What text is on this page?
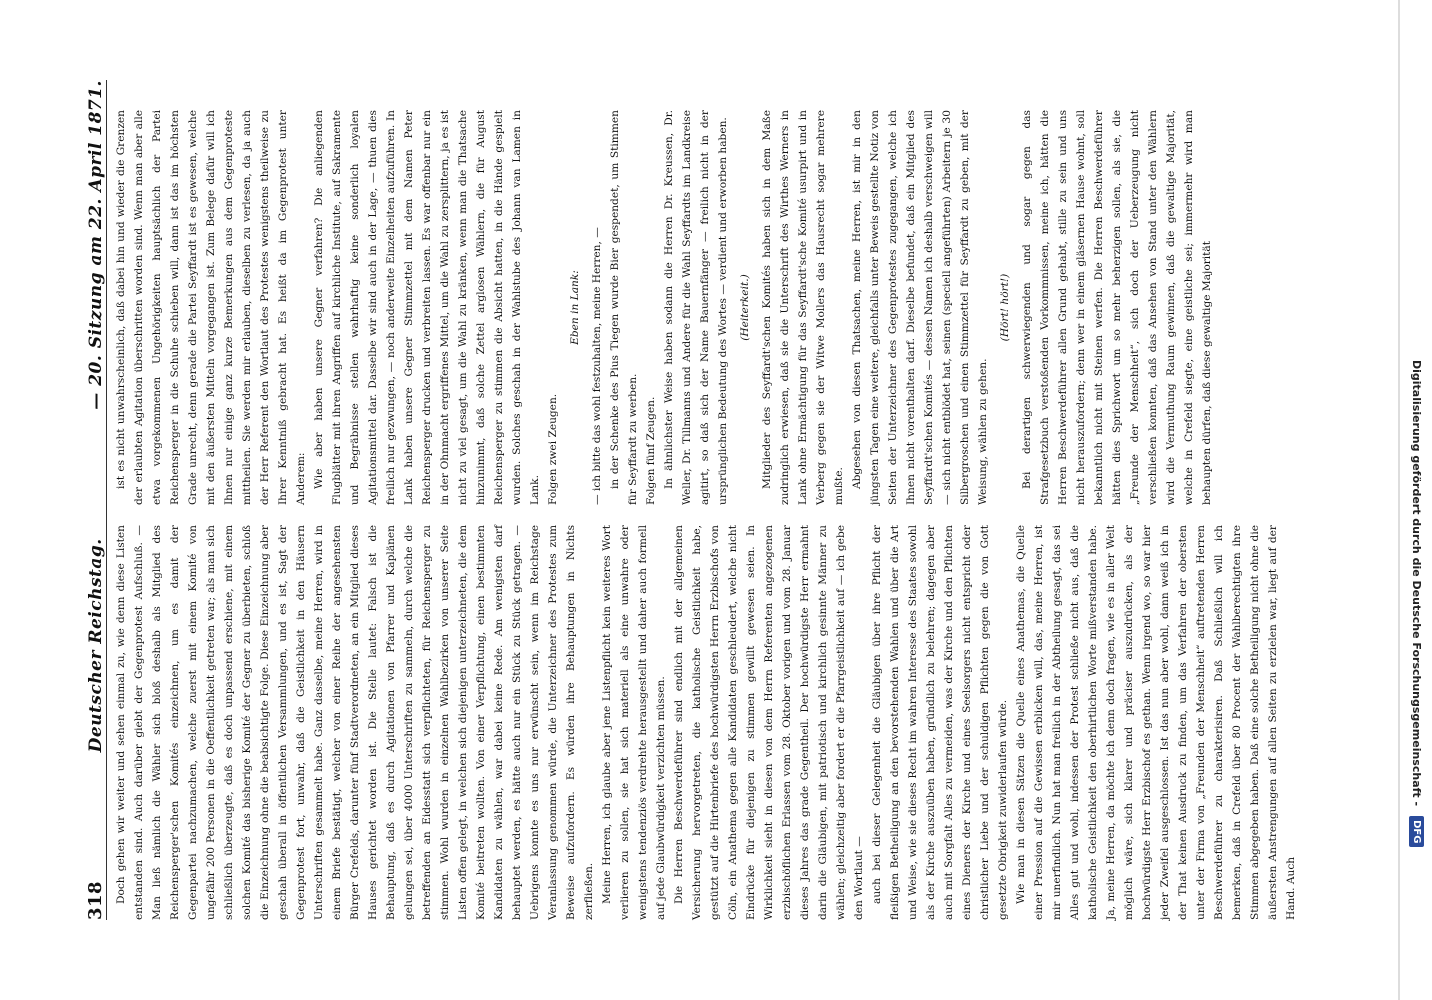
318
Deutscher Reichstag.
— 20. Sitzung am 22. April 1871.

Doch gehen wir weiter und sehen einmal zu, wie denn diese Listen entstanden sind. Auch darüber giebt der Gegenprotest Aufschluß. — Man ließ nämlich die Wähler sich bloß deshalb als Mitglied des Reichensperger'schen Komités einzeichnen, um es damit der Gegenpartei nachzumachen, welche zuerst mit einem Komité von ungefähr 200 Personen in die Oeffentlichkeit getreten war; als man sich schließlich überzeugte, daß es doch unpassend erschiene, mit einem solchen Komité das bisherige Komité der Gegner zu überbieten, schloß die Einzeichnung ohne die beabsichtigte Folge. Diese Einzeichnung aber geschah überall in öffentlichen Versammlungen, und es ist, Sagt der Gegenprotest fort, unwahr, daß die Geistlichkeit in den Häusern Unterschriften gesammelt habe. Ganz dasselbe, meine Herren, wird in einem Briefe bestätigt, welcher von einer Reihe der angesehensten Bürger Crefelds, darunter fünf Stadtverordneten, an ein Mitglied dieses Hauses gerichtet worden ist. Die Stelle lautet: Falsch ist die Behauptung, daß es durch Agitationen von Pfarrer und Kaplänen gelungen sei, über 4000 Unterschriften zu sammeln, durch welche die betreffenden an Eidesstatt sich verpflichteten, für Reichensperger zu stimmen. Wohl wurden in einzelnen Wahlbezirken von unserer Seite Listen offen gelegt, in welchen sich diejenigen unterzeichneten, die dem Komité beitreten wollten. Von einer Verpflichtung, einen bestimmten Kandidaten zu wählen, war dabei keine Rede. Am wenigsten darf behauptet werden, es hätte auch nur ein Stück zu Stück getragen. — Uebrigens konnte es uns nur erwünscht sein, wenn im Reichstage Veranlassung genommen würde, die Unterzeichner des Protestes zum Beweise aufzufordern. Es würden ihre Behauptungen in Nichts zerfließen. Meine Herren, ich glaube aber jene Listenpflicht kein weiteres Wort verlieren zu sollen, sie hat sich materiell als eine unwahre oder wenigstens tendenziös verdrehte herausgestellt und daher auch formell auf jede Glaubwürdigkeit verzichten müssen. Die Herren Beschwerdeführer sind endlich mit der allgemeinen Versicherung hervorgetreten, die katholische Geistlichkeit habe, gestützt auf die Hirtenbriefe des hochwürdigsten Herrn Erzbischofs von Cöln, ein Anathema gegen alle Kandidaten geschleudert, welche nicht Eindrücke für diejenigen zu stimmen gewillt gewesen seien. In Wirklichkeit sieht in diesen von dem Herrn Referenten angezogenen erzbischöflichen Erlassen vom 28. Oktober vorigen und vom 28. Januar dieses Jahres das grade Gegentheil. Der hochwürdigste Herr ermahnt darin die Gläubigen, mit patriotisch und kirchlich gesinnte Männer zu wählen; gleichzeitig aber fordert er die Pfarrgeistlichkeit auf — ich gebe den Wortlaut — auch bei dieser Gelegenheit die Gläubigen über ihre Pflicht der fleißigen Betheiligung an den bevorstehenden Wahlen und über die Art und Weise, wie sie dieses Recht im wahren Interesse des Staates sowohl als der Kirche auszuüben haben, gründlich zu belehren; dagegen aber auch mit Sorgfalt Alles zu vermeiden, was der Kirche und den Pflichten eines Dieners der Kirche und eines Seelsorgers nicht entspricht oder christlicher Liebe und der schuldigen Pflichten gegen die von Gott gesetzte Obrigkeit zuwiderlaufen würde. Wie man in diesen Sätzen die Quelle eines Anathemas, die Quelle einer Pression auf die Gewissen erblicken will, das, meine Herren, ist mir unerfindlich. Nun hat man freilich in der Abtheilung gesagt, das sei Alles gut und wohl, indessen der Protest schließe nicht aus, daß die katholische Geistlichkeit den oberhirtlichen Worte mißverstanden habe. Ja, meine Herren, da möchte ich denn doch fragen, wie es in aller Welt möglich wäre, sich klarer und präciser auszudrücken, als der hochwürdigste Herr Erzbischof es gethan. Wenn irgend wo, so war hier jeder Zweifel ausgeschlossen. Ist das nun aber wohl, dann weiß ich in der That keinen Ausdruck zu finden, um das Verfahren der obersten unter der Firma von „Freunden der Menschheit“ auftretenden Herren Beschwerdeführer zu charakterisiren. Daß Schließlich will ich bemerken, daß in Crefeld über 80 Procent der Wahlberechtigten ihre Stimmen abgegeben haben. Daß eine solche Betheiligung nicht ohne die äußersten Anstrengungen auf allen Seiten zu erzielen war, liegt auf der Hand. Auch

ist es nicht unwahrscheinlich, daß dabei hin und wieder die Grenzen der erlaubten Agitation überschritten worden sind. Wenn man aber alle etwa vorgekommenen Ungehörigkeiten hauptsächlich der Partei Reichensperger in die Schuhe schieben will, dann ist das im höchsten Grade unrecht, denn gerade die Partei Seyffardt ist es gewesen, welche mit den äußersten Mitteln vorgegangen ist. Zum Belege dafür will ich Ihnen nur einige ganz kurze Bemerkungen aus dem Gegenproteste mittheilen. Sie werden mir erlauben, dieselben zu verlesen, da ja auch der Herr Referent den Wortlaut des Protestes wenigstens theilweise zu Ihrer Kenntniß gebracht hat. Es heißt da im Gegenprotest unter Anderem: Wie aber haben unsere Gegner verfahren? Die anliegenden Flugblätter mit ihren Angriffen auf kirchliche Institute, auf Sakramente und Begräbnisse stellen wahrhaftig keine sonderlich loyalen Agitationsmittel dar. Dasselbe wir sind auch in der Lage, — thuen dies freilich nur gezwungen, — noch anderweite Einzelheiten aufzuführen. In Lank haben unsere Gegner Stimmzettel mit dem Namen Peter Reichensperger drucken und verbreiten lassen. Es war offenbar nur ein in der Ohnmacht ergriffenes Mittel, um die Wahl zu zersplittern, ja es ist nicht zu viel gesagt, um die Wahl zu kränken, wenn man die Thatsache hinzunimmt, daß solche Zettel arglosen Wählern, die für August Reichensperger zu stimmen die Absicht hatten, in die Hände gespielt wurden. Solches geschah in der Wahlstube des Johann van Lamen in Lank. Folgen zwei Zeugen.

Eben in Lank: — ich bitte das wohl festzuhalten, meine Herren, — in der Schenke des Pius Tiegen wurde Bier gespendet, um Stimmen für Seyffardt zu werben. Folgen fünf Zeugen. In ähnlichster Weise haben sodann die Herren Dr. Kreussen, Dr. Weller, Dr. Tillmanns und Andere für die Wahl Seyffardts im Landkreise agitirt, so daß sich der Name Bauernfänger — freilich nicht in der ursprünglichen Bedeutung des Wortes — verdient und erworben haben. (Heiterkeit.) Mitglieder des Seyffardt'schen Komités haben sich in dem Maße zudringlich erwiesen, daß sie die Unterschrift des Wirthes Werners in Lank ohne Ermächtigung für das Seyffardt'sche Komité usurpirt und in Verberg gegen sie der Witwe Mollers das Hausrecht sogar mehrere mußte. Abgesehen von diesen Thatsachen, meine Herren, ist mir in den jüngsten Tagen eine weitere, gleichfalls unter Beweis gestellte Notiz von Seiten der Unterzeichner des Gegenprotestes zugegangen, welche ich Ihnen nicht vorenthalten darf. Dieselbe befundet, daß ein Mitglied des Seyffardt'schen Komités — dessen Namen ich deshalb verschweigen will — sich nicht entblödet hat, seinen (speciell angeführten) Arbeitern je 30 Silbergroschen und einen Stimmzettel für Seyffardt zu geben, mit der Weisung, wählen zu gehen.

(Hört! hört!) Bei derartigen schwerwiegenden und sogar gegen das Strafgesetzbuch verstoßenden Vorkommnissen, meine ich, hätten die Herren Beschwerdeführer allen Grund gehabt, stille zu sein und uns nicht herauszufordern; denn wer in einem gläsernen Hause wohnt, soll bekanntlich nicht mit Steinen werfen. Die Herren Beschwerdeführer hätten dies Sprichwort um so mehr beherzigen sollen, als sie, die „Freunde der Menschheit“, sich doch der Ueberzeugung nicht verschließen konnten, daß das Ansehen von Stand unter den Wählern wird die Vermuthung Raum gewinnen, daß die gewaltige Majorität, welche in Crefeld siegte, eine geistliche sei; immermehr wird man behaupten dürfen, daß diese gewaltige Majorität	Digitalisierung gefördert durch die Deutsche Forschungsgemeinschaft -
DFG
